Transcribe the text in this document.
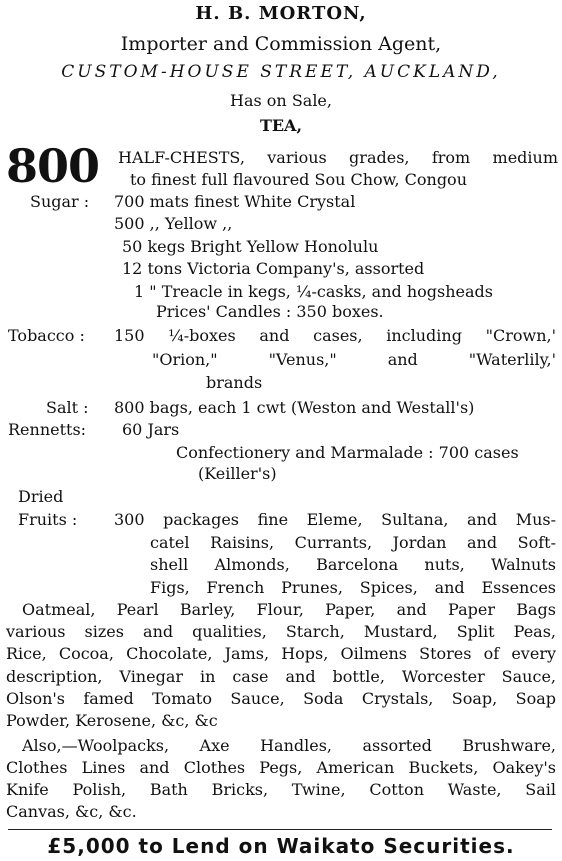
H. B. MORTON,
Importer and Commission Agent,
CUSTOM-HOUSE STREET, AUCKLAND,
Has on Sale,
TEA,
800 HALF-CHESTS, various grades, from medium
to finest full flavoured Sou Chow, Congou
Sugar : 700 mats finest White Crystal
500 ,, Yellow ,,
50 kegs Bright Yellow Honolulu
12 tons Victoria Company's, assorted
1 " Treacle in kegs, ¼-casks, and hogsheads
Prices' Candles : 350 boxes.
Tobacco : 150 ¼-boxes and cases, including "Crown,'
"Orion," "Venus," and "Waterlily,'
brands
Salt : 800 bags, each 1 cwt (Weston and Westall's)
Rennetts: 60 Jars
Confectionery and Marmalade : 700 cases
(Keiller's)
Dried
Fruits : 300 packages fine Eleme, Sultana, and Mus-
catel Raisins, Currants, Jordan and Soft-
shell Almonds, Barcelona nuts, Walnuts
Figs, French Prunes, Spices, and Essences
Oatmeal, Pearl Barley, Flour, Paper, and Paper Bags
various sizes and qualities, Starch, Mustard, Split Peas,
Rice, Cocoa, Chocolate, Jams, Hops, Oilmens Stores of every
description, Vinegar in case and bottle, Worcester Sauce,
Olson's famed Tomato Sauce, Soda Crystals, Soap, Soap
Powder, Kerosene, &c, &c
Also,—Woolpacks, Axe Handles, assorted Brushware,
Clothes Lines and Clothes Pegs, American Buckets, Oakey's
Knife Polish, Bath Bricks, Twine, Cotton Waste, Sail
Canvas, &c, &c.
£5,000 to Lend on Waikato Securities.
